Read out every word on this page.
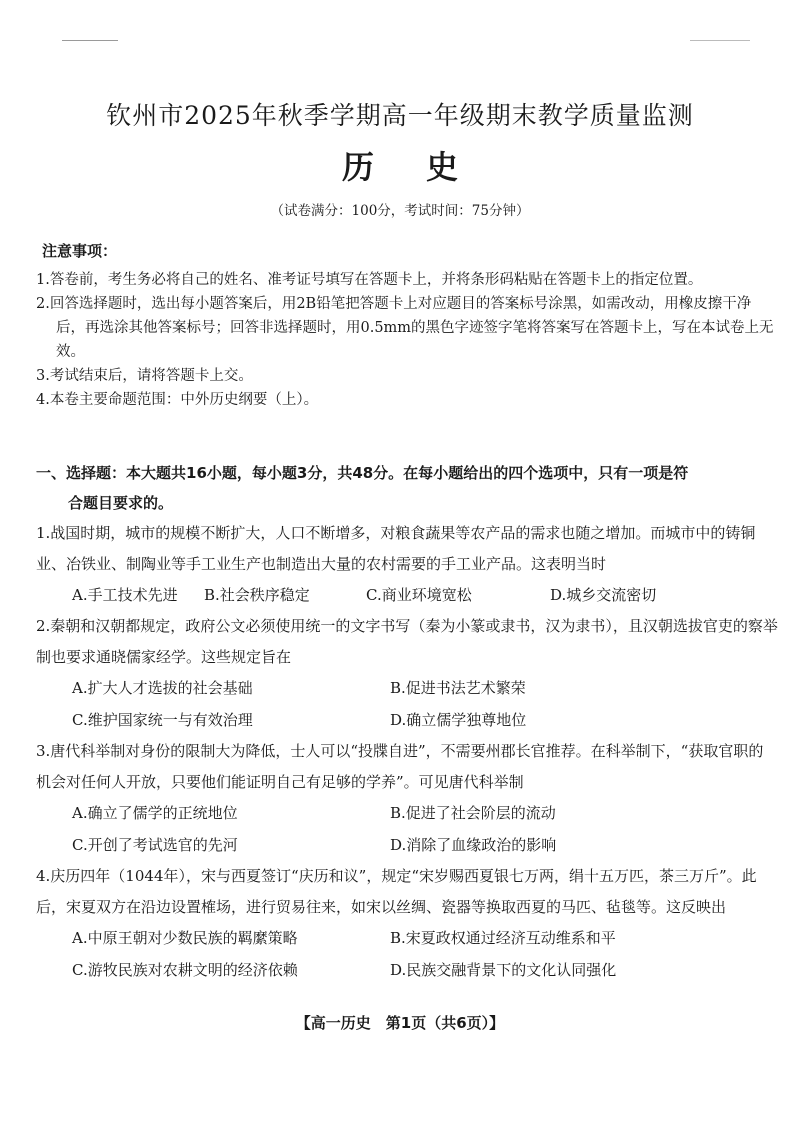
钦州市2025年秋季学期高一年级期末教学质量监测
历史
（试卷满分：100分，考试时间：75分钟）
注意事项：
1.答卷前，考生务必将自己的姓名、准考证号填写在答题卡上，并将条形码粘贴在答题卡上的指定位置。
2.回答选择题时，选出每小题答案后，用2B铅笔把答题卡上对应题目的答案标号涂黑，如需改动，用橡皮擦干净后，再选涂其他答案标号；回答非选择题时，用0.5mm的黑色字迹签字笔将答案写在答题卡上，写在本试卷上无效。
3.考试结束后，请将答题卡上交。
4.本卷主要命题范围：中外历史纲要（上）。
一、选择题：本大题共16小题，每小题3分，共48分。在每小题给出的四个选项中，只有一项是符
合题目要求的。
1.战国时期，城市的规模不断扩大，人口不断增多，对粮食蔬果等农产品的需求也随之增加。而城市中的铸铜业、冶铁业、制陶业等手工业生产也制造出大量的农村需要的手工业产品。这表明当时
A.手工技术先进	B.社会秩序稳定	C.商业环境宽松	D.城乡交流密切
2.秦朝和汉朝都规定，政府公文必须使用统一的文字书写（秦为小篆或隶书，汉为隶书），且汉朝选拔官吏的察举制也要求通晓儒家经学。这些规定旨在
A.扩大人才选拔的社会基础	B.促进书法艺术繁荣
C.维护国家统一与有效治理	D.确立儒学独尊地位
3.唐代科举制对身份的限制大为降低，士人可以“投牒自进”，不需要州郡长官推荐。在科举制下，“获取官职的机会对任何人开放，只要他们能证明自己有足够的学养”。可见唐代科举制
A.确立了儒学的正统地位	B.促进了社会阶层的流动
C.开创了考试选官的先河	D.消除了血缘政治的影响
4.庆历四年（1044年），宋与西夏签订“庆历和议”，规定“宋岁赐西夏银七万两，绢十五万匹，茶三万斤”。此后，宋夏双方在沿边设置榷场，进行贸易往来，如宋以丝绸、瓷器等换取西夏的马匹、毡毯等。这反映出
A.中原王朝对少数民族的羁縻策略	B.宋夏政权通过经济互动维系和平
C.游牧民族对农耕文明的经济依赖	D.民族交融背景下的文化认同强化
【高一历史　第1页（共6页）】
